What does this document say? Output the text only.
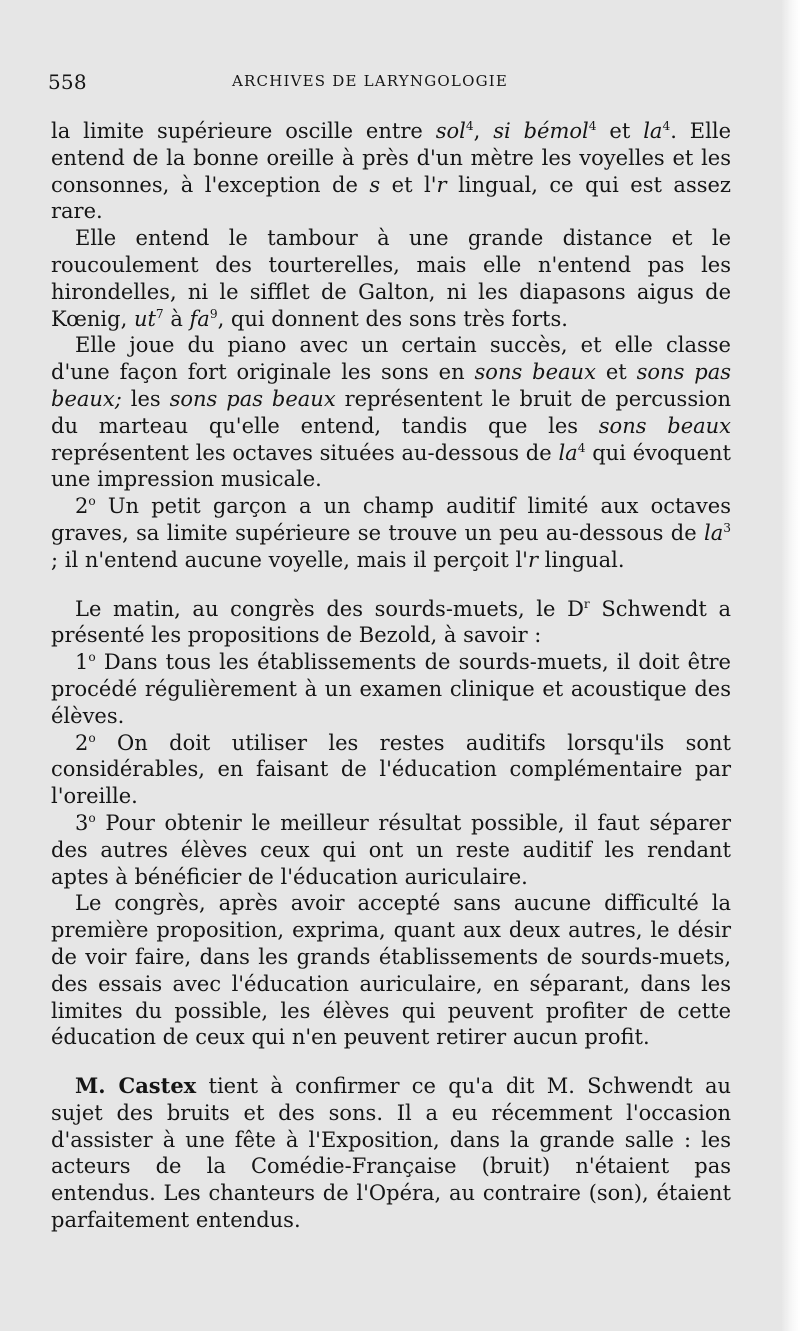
558	ARCHIVES DE LARYNGOLOGIE

la limite supérieure oscille entre sol$^4$, si bémol$^4$ et $la^4$. Elle entend de la bonne oreille à près d'un mètre les voyelles et les consonnes, à l'exception de s et l'r lingual, ce qui est assez rare.

Elle entend le tambour à une grande distance et le roucoulement des tourterelles, mais elle n'entend pas les hirondelles, ni le sifflet de Galton, ni les diapasons aigus de Kœnig, $ut^7$ à $fa^9$, qui donnent des sons très forts.

Elle joue du piano avec un certain succès, et elle classe d'une façon fort originale les sons en sons beaux et sons pas beaux; les sons pas beaux représentent le bruit de percussion du marteau qu'elle entend, tandis que les sons beaux représentent les octaves situées au-dessous de $la^4$ qui évoquent une impression musicale.

2$^o$ Un petit garçon a un champ auditif limité aux octaves graves, sa limite supérieure se trouve un peu au-dessous de $la^3$ ; il n'entend aucune voyelle, mais il perçoit l'r lingual.

Le matin, au congrès des sourds-muets, le $D^r$ Schwendt a présenté les propositions de Bezold, à savoir :

1$^o$ Dans tous les établissements de sourds-muets, il doit être procédé régulièrement à un examen clinique et acoustique des élèves.

2$^o$ On doit utiliser les restes auditifs lorsqu'ils sont considérables, en faisant de l'éducation complémentaire par l'oreille.

3$^o$ Pour obtenir le meilleur résultat possible, il faut séparer des autres élèves ceux qui ont un reste auditif les rendant aptes à bénéficier de l'éducation auriculaire.

Le congrès, après avoir accepté sans aucune difficulté la première proposition, exprima, quant aux deux autres, le désir de voir faire, dans les grands établissements de sourds-muets, des essais avec l'éducation auriculaire, en séparant, dans les limites du possible, les élèves qui peuvent profiter de cette éducation de ceux qui n'en peuvent retirer aucun profit.

M. Castex tient à confirmer ce qu'a dit M. Schwendt au sujet des bruits et des sons. Il a eu récemment l'occasion d'assister à une fête à l'Exposition, dans la grande salle : les acteurs de la Comédie-Française (bruit) n'étaient pas entendus. Les chanteurs de l'Opéra, au contraire (son), étaient parfaitement entendus.
